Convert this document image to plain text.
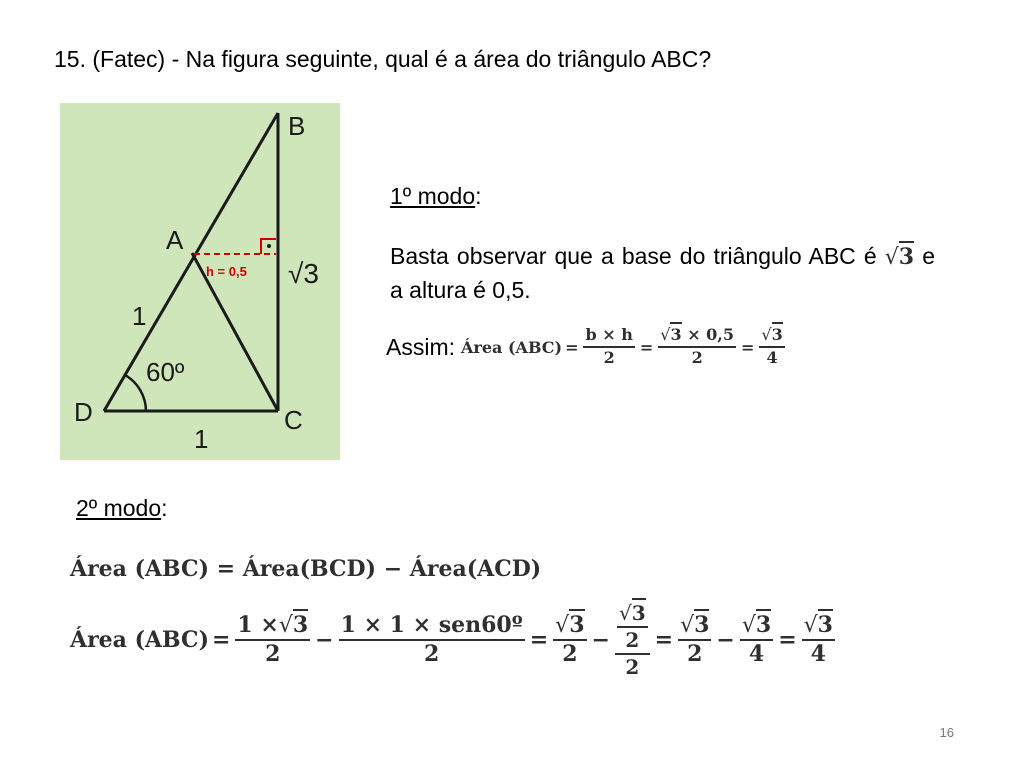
15. (Fatec) - Na figura seguinte, qual é a área do triângulo ABC?
B
A
D	C
1
1
60º
√3
h = 0,5
1º modo:
Basta observar que a base do triângulo ABC é √3 e a altura é 0,5.
Assim: Área $(ABC) = \frac{b \times h}{2} = \frac{√3 \times 0,5}{2} = \frac{√3}{4}$
2º modo:
Área (ABC) = Área(BCD) − Área(ACD)
Área $(ABC) = \frac{1 \times√3}{2} - \frac{\text{1 × 1 × sen60º}}{2} = \frac{√3}{2} - \frac{\frac{√3}{2}}{2} = \frac{√3}{2} - \frac{√3}{4} = \frac{√3}{4}$
16
